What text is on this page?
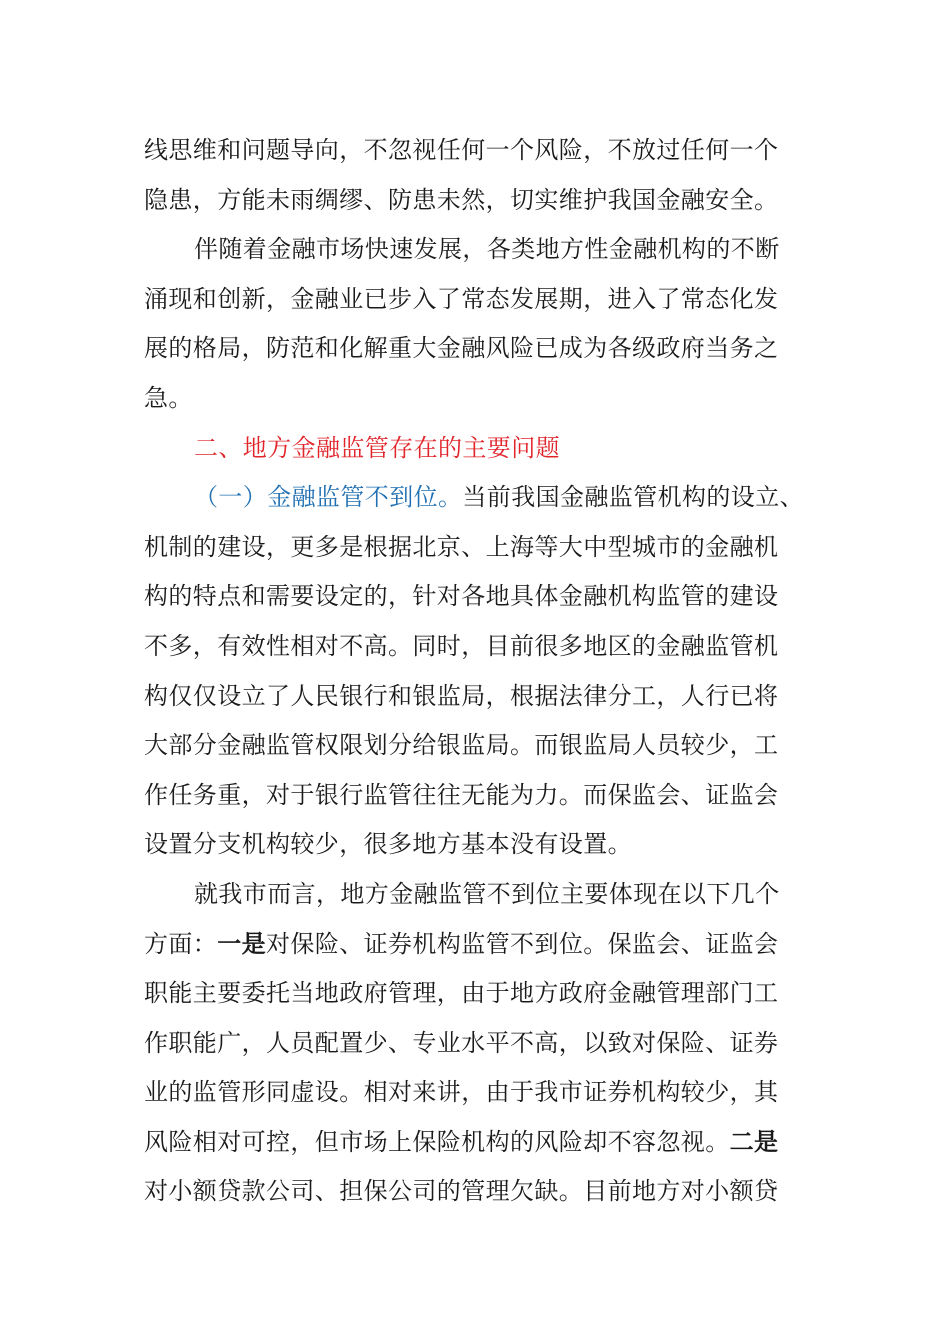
线思维和问题导向，不忽视任何一个风险，不放过任何一个
隐患，方能未雨绸缪、防患未然，切实维护我国金融安全。
伴随着金融市场快速发展，各类地方性金融机构的不断
涌现和创新，金融业已步入了常态发展期，进入了常态化发
展的格局，防范和化解重大金融风险已成为各级政府当务之
急。
二、地方金融监管存在的主要问题
（一）金融监管不到位。当前我国金融监管机构的设立、
机制的建设，更多是根据北京、上海等大中型城市的金融机
构的特点和需要设定的，针对各地具体金融机构监管的建设
不多，有效性相对不高。同时，目前很多地区的金融监管机
构仅仅设立了人民银行和银监局，根据法律分工，人行已将
大部分金融监管权限划分给银监局。而银监局人员较少，工
作任务重，对于银行监管往往无能为力。而保监会、证监会
设置分支机构较少，很多地方基本没有设置。
就我市而言，地方金融监管不到位主要体现在以下几个
方面：一是对保险、证券机构监管不到位。保监会、证监会
职能主要委托当地政府管理，由于地方政府金融管理部门工
作职能广，人员配置少、专业水平不高，以致对保险、证券
业的监管形同虚设。相对来讲，由于我市证券机构较少，其
风险相对可控，但市场上保险机构的风险却不容忽视。二是
对小额贷款公司、担保公司的管理欠缺。目前地方对小额贷
